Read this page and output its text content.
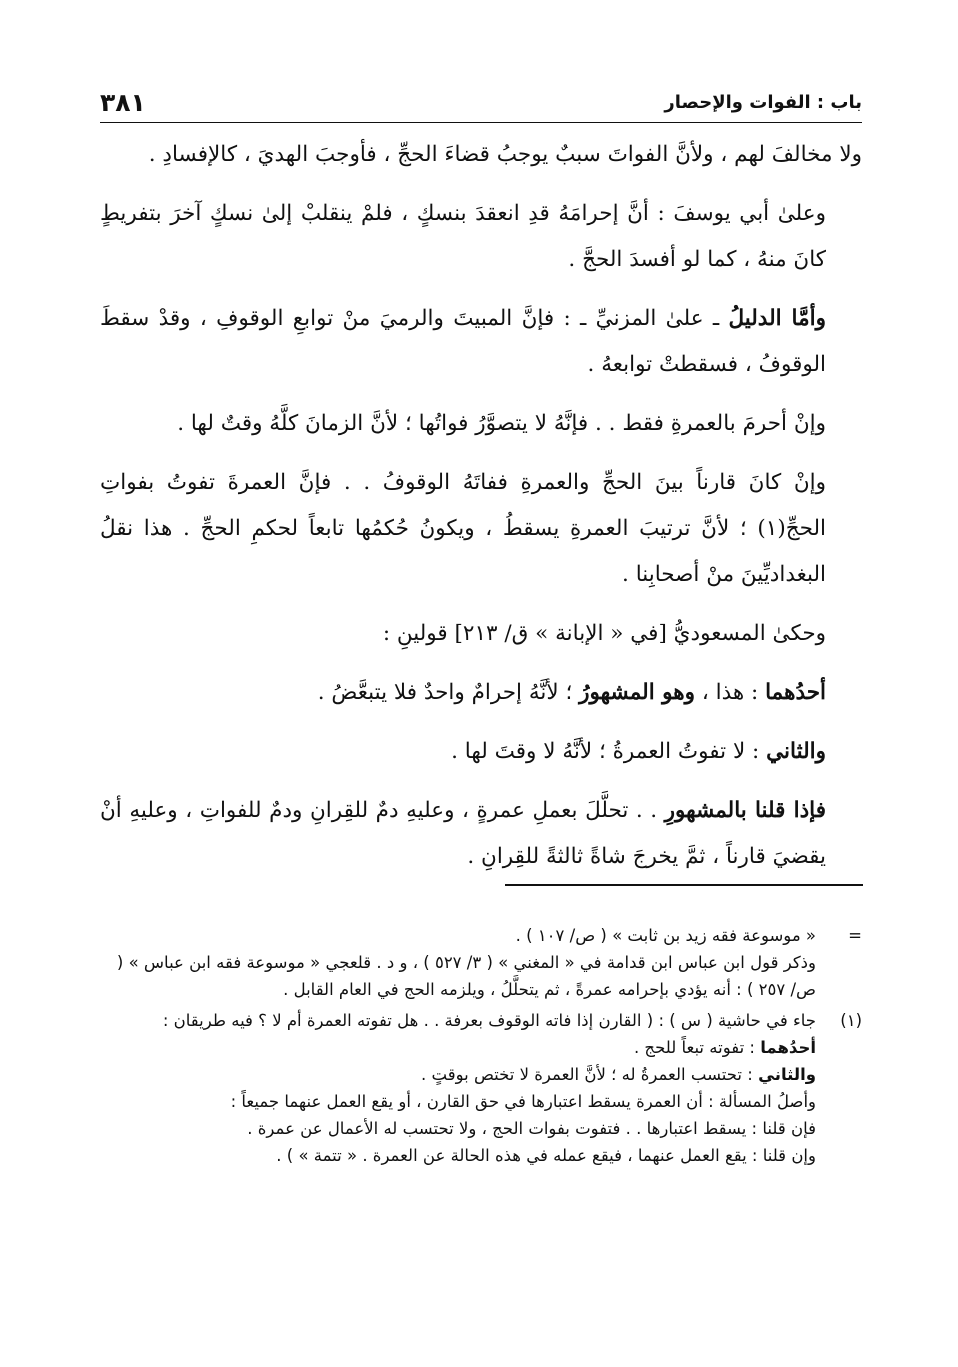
٣٨١	باب : الفوات والإحصار

ولا مخالفَ لهم ، ولأنَّ الفواتَ سببٌ يوجبُ قضاءَ الحجِّ ، فأوجبَ الهديَ ، كالإفسادِ .

وعلىٰ أبي يوسفَ : أنَّ إحرامَهُ قدِ انعقدَ بنسكٍ ، فلمْ ينقلبْ إلىٰ نسكٍ آخرَ بتفريطٍ كانَ منهُ ، كما لو أفسدَ الحجَّ .

وأمَّا الدليلُ ـ علىٰ المزنيِّ ـ : فإنَّ المبيتَ والرميَ منْ توابعِ الوقوفِ ، وقدْ سقطَ الوقوفُ ، فسقطتْ توابعهُ .

وإنْ أحرمَ بالعمرةِ فقط . . فإنَّهُ لا يتصوَّرُ فواتُها ؛ لأنَّ الزمانَ كلَّهُ وقتٌ لها .

وإنْ كانَ قارناً بينَ الحجِّ والعمرةِ ففاتَهُ الوقوفُ . . فإنَّ العمرةَ تفوتُ بفواتِ الحجِّ(١) ؛ لأنَّ ترتيبَ العمرةِ يسقطُ ، ويكونُ حُكمُها تابعاً لحكمِ الحجِّ . هذا نقلُ البغداديِّينَ منْ أصحابِنا .

وحكىٰ المسعوديُّ [في « الإبانة » ق/ ٢١٣] قولينِ :

أحدُهما : هذا ، وهو المشهورُ ؛ لأنَّهُ إحرامٌ واحدٌ فلا يتبعَّضُ .

والثاني : لا تفوتُ العمرةُ ؛ لأنَّهُ لا وقتَ لها .

فإذا قلنا بالمشهورِ . . تحلَّلَ بعملِ عمرةٍ ، وعليهِ دمٌ للقِرانِ ودمٌ للفواتِ ، وعليهِ أنْ يقضيَ قارناً ، ثمَّ يخرجَ شاةً ثالثةً للقِرانِ .

=
« موسوعة فقه زيد بن ثابت » ( ص/ ١٠٧ ) .
وذكر قول ابن عباس ابن قدامة في « المغني » ( ٣/ ٥٢٧ ) ، و د . قلعجي « موسوعة فقه ابن عباس » ( ص/ ٢٥٧ ) : أنه يؤدي بإحرامه عمرةً ، ثم يتحلَّلُ ، ويلزمه الحج في العام القابل .
(١)
جاء في حاشية ( س ) : ( القارن إذا فاته الوقوف بعرفة . . هل تفوته العمرة أم لا ؟ فيه طريقان :
أحدُهما : تفوته تبعاً للحج .
والثاني : تحتسب العمرةُ له ؛ لأنَّ العمرة لا تختص بوقتٍ .
وأصلُ المسألة : أن العمرة يسقط اعتبارها في حق القارن ، أو يقع العمل عنهما جميعاً :
فإن قلنا : يسقط اعتبارها . . فتفوت بفوات الحج ، ولا تحتسب له الأعمال عن عمرة .
وإن قلنا : يقع العمل عنهما ، فيقع عمله في هذه الحالة عن العمرة . « تتمة » ) .
